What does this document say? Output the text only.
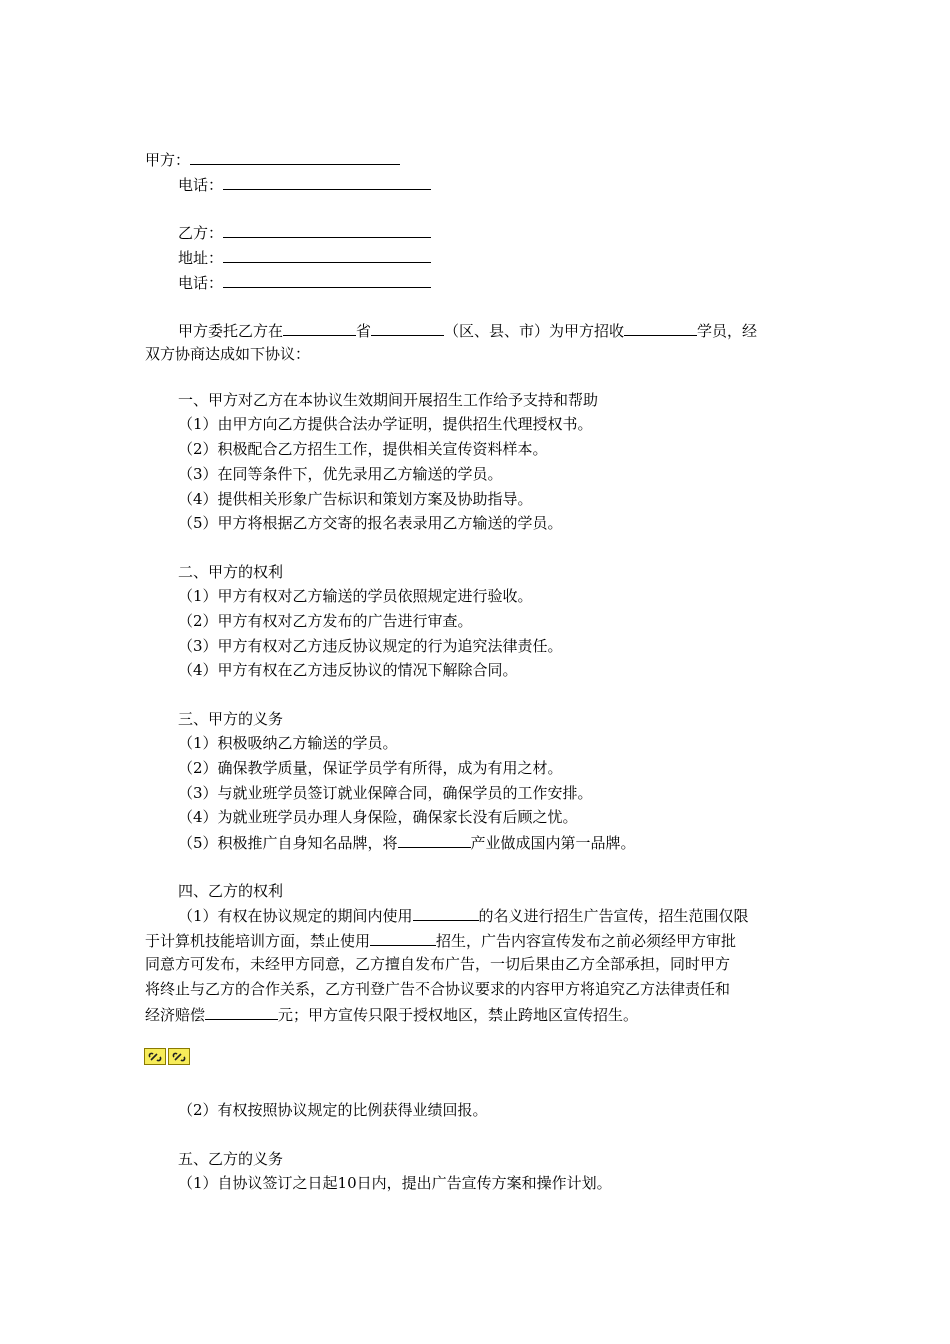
甲方：
电话：
乙方：
地址：
电话：
甲方委托乙方在	省	（区、县、市）为甲方招收	学员，经
双方协商达成如下协议：
一、甲方对乙方在本协议生效期间开展招生工作给予支持和帮助
（1）由甲方向乙方提供合法办学证明，提供招生代理授权书。
（2）积极配合乙方招生工作，提供相关宣传资料样本。
（3）在同等条件下，优先录用乙方输送的学员。
（4）提供相关形象广告标识和策划方案及协助指导。
（5）甲方将根据乙方交寄的报名表录用乙方输送的学员。
二、甲方的权利
（1）甲方有权对乙方输送的学员依照规定进行验收。
（2）甲方有权对乙方发布的广告进行审查。
（3）甲方有权对乙方违反协议规定的行为追究法律责任。
（4）甲方有权在乙方违反协议的情况下解除合同。
三、甲方的义务
（1）积极吸纳乙方输送的学员。
（2）确保教学质量，保证学员学有所得，成为有用之材。
（3）与就业班学员签订就业保障合同，确保学员的工作安排。
（4）为就业班学员办理人身保险，确保家长没有后顾之忧。
（5）积极推广自身知名品牌，将	产业做成国内第一品牌。
四、乙方的权利
（1）有权在协议规定的期间内使用	的名义进行招生广告宣传，招生范围仅限
于计算机技能培训方面，禁止使用	招生，广告内容宣传发布之前必须经甲方审批
同意方可发布，未经甲方同意，乙方擅自发布广告，一切后果由乙方全部承担，同时甲方
将终止与乙方的合作关系，乙方刊登广告不合协议要求的内容甲方将追究乙方法律责任和
经济赔偿	元；甲方宣传只限于授权地区，禁止跨地区宣传招生。
（2）有权按照协议规定的比例获得业绩回报。
五、乙方的义务
（1）自协议签订之日起10日内，提出广告宣传方案和操作计划。
